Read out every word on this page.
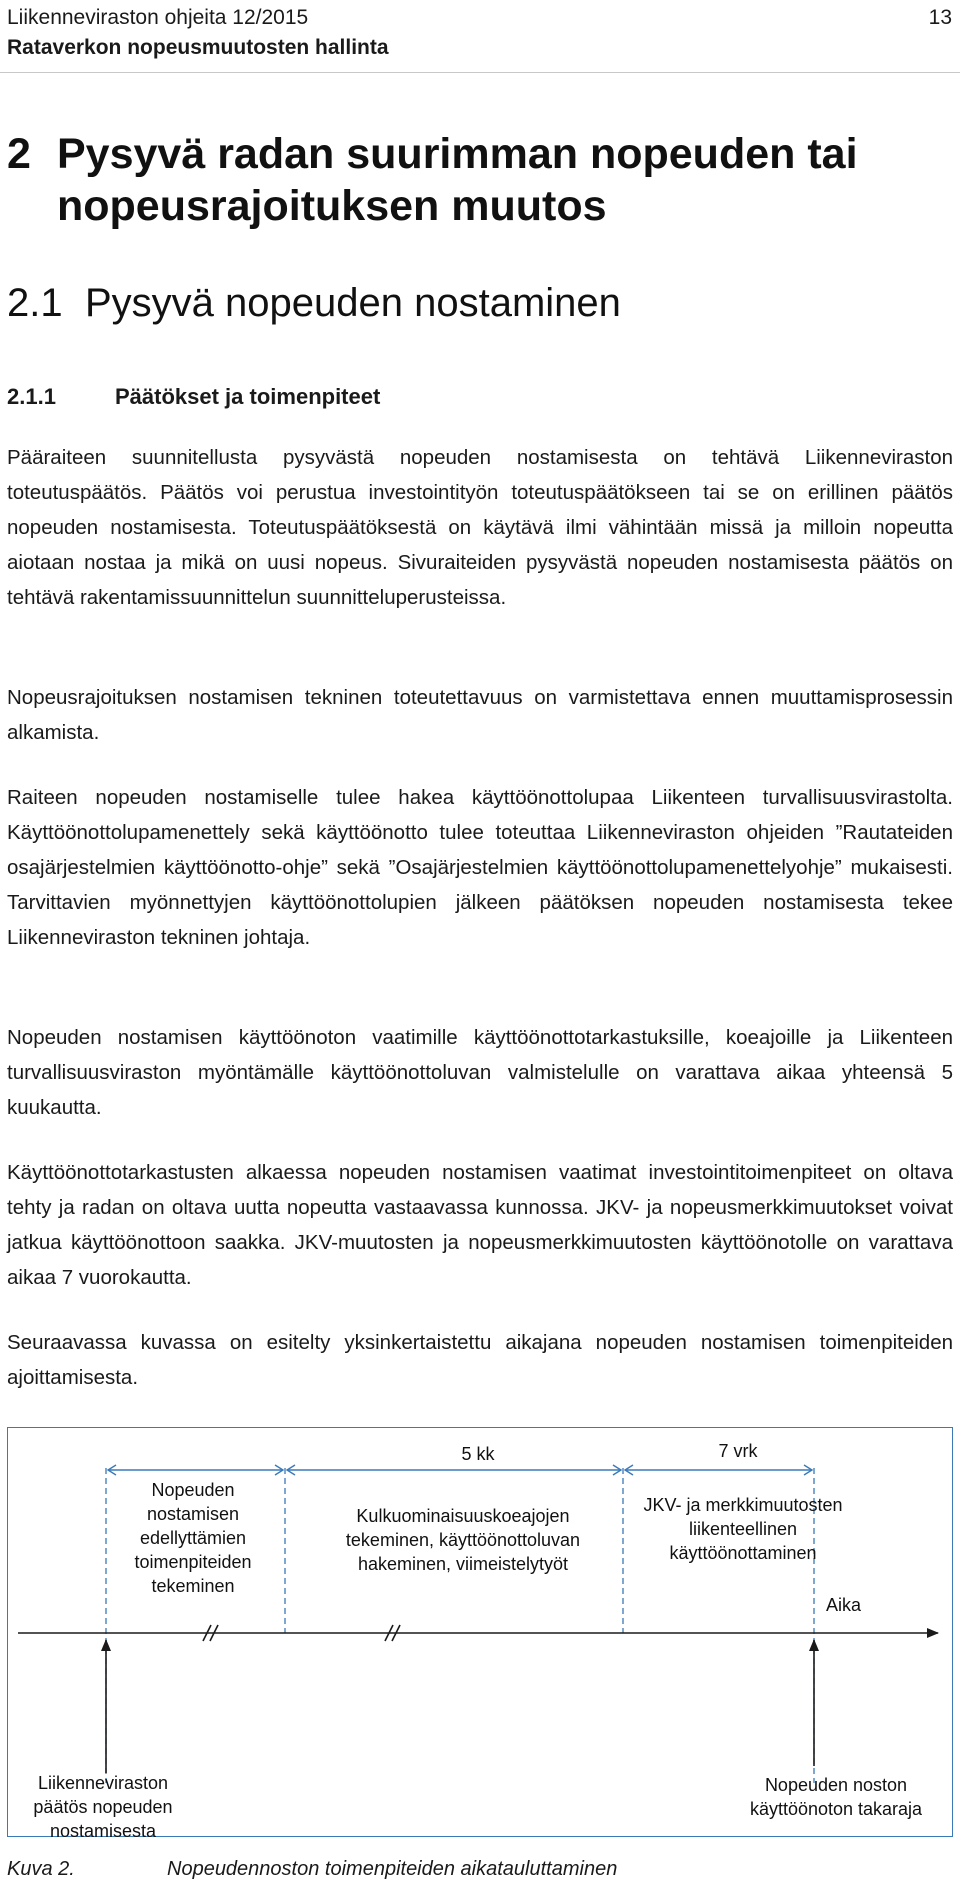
Liikenneviraston ohjeita 12/2015
Rataverkon nopeusmuutosten hallinta
13
2 Pysyvä radan suurimman nopeuden tai
nopeusrajoituksen muutos
2.1 Pysyvä nopeuden nostaminen
2.1.1	Päätökset ja toimenpiteet
Pääraiteen suunnitellusta pysyvästä nopeuden nostamisesta on tehtävä Liikenneviraston toteutuspäätös. Päätös voi perustua investointityön toteutuspäätökseen tai se on erillinen päätös nopeuden nostamisesta. Toteutuspäätöksestä on käytävä ilmi vähintään missä ja milloin nopeutta aiotaan nostaa ja mikä on uusi nopeus. Sivuraiteiden pysyvästä nopeuden nostamisesta päätös on tehtävä rakentamissuunnittelun suunnitteluperusteissa.
Nopeusrajoituksen nostamisen tekninen toteutettavuus on varmistettava ennen muuttamisprosessin alkamista.
Raiteen nopeuden nostamiselle tulee hakea käyttöönottolupaa Liikenteen turvallisuusvirastolta. Käyttöönottolupamenettely sekä käyttöönotto tulee toteuttaa Liikenneviraston ohjeiden ”Rautateiden osajärjestelmien käyttöönotto-ohje” sekä ”Osajärjestelmien käyttöönottolupamenettelyohje” mukaisesti. Tarvittavien myönnettyjen käyttöönottolupien jälkeen päätöksen nopeuden nostamisesta tekee Liikenneviraston tekninen johtaja.
Nopeuden nostamisen käyttöönoton vaatimille käyttöönottotarkastuksille, koeajoille ja Liikenteen turvallisuusviraston myöntämälle käyttöönottoluvan valmistelulle on varattava aikaa yhteensä 5 kuukautta.
Käyttöönottotarkastusten alkaessa nopeuden nostamisen vaatimat investointitoimenpiteet on oltava tehty ja radan on oltava uutta nopeutta vastaavassa kunnossa. JKV- ja nopeusmerkkimuutokset voivat jatkua käyttöönottoon saakka. JKV-muutosten ja nopeusmerkkimuutosten käyttöönotolle on varattava aikaa 7 vuorokautta.
Seuraavassa kuvassa on esitelty yksinkertaistettu aikajana nopeuden nostamisen toimenpiteiden ajoittamisesta.
5 kk	7 vrk
Nopeuden nostamisen edellyttämien toimenpiteiden tekeminen
Kulkuominaisuuskoeajojen tekeminen, käyttöönottoluvan hakeminen, viimeistelytyöt
JKV- ja merkkimuutosten liikenteellinen käyttöönottaminen
Aika
Liikenneviraston päätös nopeuden nostamisesta
Nopeuden noston käyttöönoton takaraja
Kuva 2.	Nopeudennoston toimenpiteiden aikatauluttaminen
